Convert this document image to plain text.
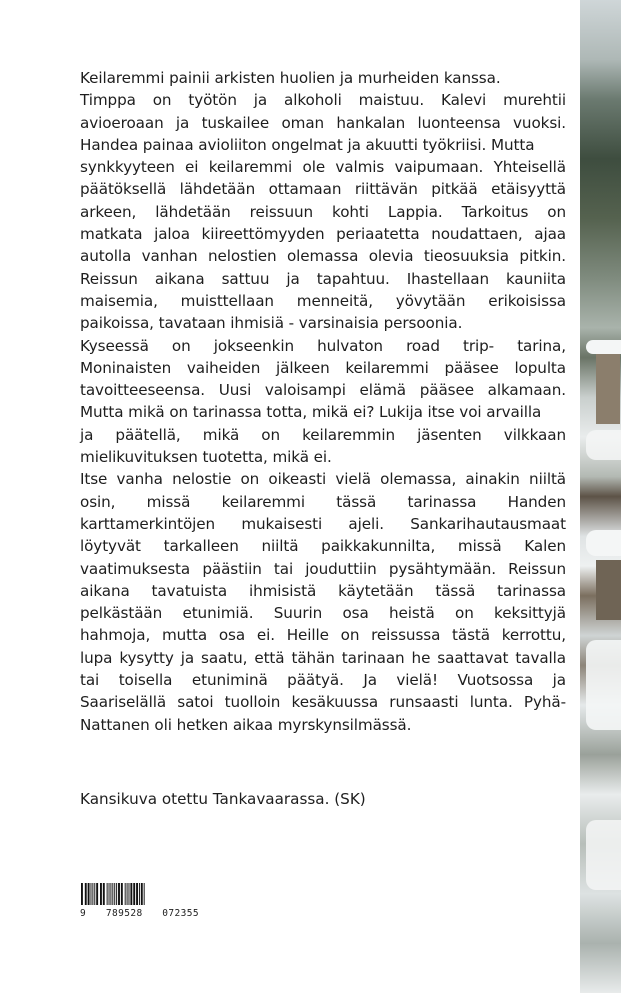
Keilaremmi painii arkisten huolien ja murheiden kanssa.
Timppa on työtön ja alkoholi maistuu. Kalevi murehtii
avioeroaan ja tuskailee oman hankalan luonteensa vuoksi.
Handea painaa avioliiton ongelmat ja akuutti työkriisi. Mutta
synkkyyteen ei keilaremmi ole valmis vaipumaan. Yhteisellä
päätöksellä lähdetään ottamaan riittävän pitkää etäisyyttä
arkeen, lähdetään reissuun kohti Lappia. Tarkoitus on
matkata jaloa kiireettömyyden periaatetta noudattaen, ajaa
autolla vanhan nelostien olemassa olevia tieosuuksia pitkin.
Reissun aikana sattuu ja tapahtuu. Ihastellaan kauniita
maisemia, muisttellaan menneitä, yövytään erikoisissa
paikoissa, tavataan ihmisiä - varsinaisia persoonia.
Kyseessä on jokseenkin hulvaton road trip- tarina,
Moninaisten vaiheiden jälkeen keilaremmi pääsee lopulta
tavoitteeseensa. Uusi valoisampi elämä pääsee alkamaan.
Mutta mikä on tarinassa totta, mikä ei? Lukija itse voi arvailla
ja päätellä, mikä on keilaremmin jäsenten vilkkaan
mielikuvituksen tuotetta, mikä ei.
Itse vanha nelostie on oikeasti vielä olemassa, ainakin niiltä
osin, missä keilaremmi tässä tarinassa Handen
karttamerkintöjen mukaisesti ajeli. Sankarihautausmaat
löytyvät tarkalleen niiltä paikkakunnilta, missä Kalen
vaatimuksesta päästiin tai jouduttiin pysähtymään. Reissun
aikana tavatuista ihmisistä käytetään tässä tarinassa
pelkästään etunimiä. Suurin osa heistä on keksittyjä
hahmoja, mutta osa ei. Heille on reissussa tästä kerrottu,
lupa kysytty ja saatu, että tähän tarinaan he saattavat tavalla
tai toisella etuniminä päätyä. Ja vielä! Vuotsossa ja
Saariselällä satoi tuolloin kesäkuussa runsaasti lunta. Pyhä-
Nattanen oli hetken aikaa myrskynsilmässä.
Kansikuva otettu Tankavaarassa. (SK)
9 789528 072355
